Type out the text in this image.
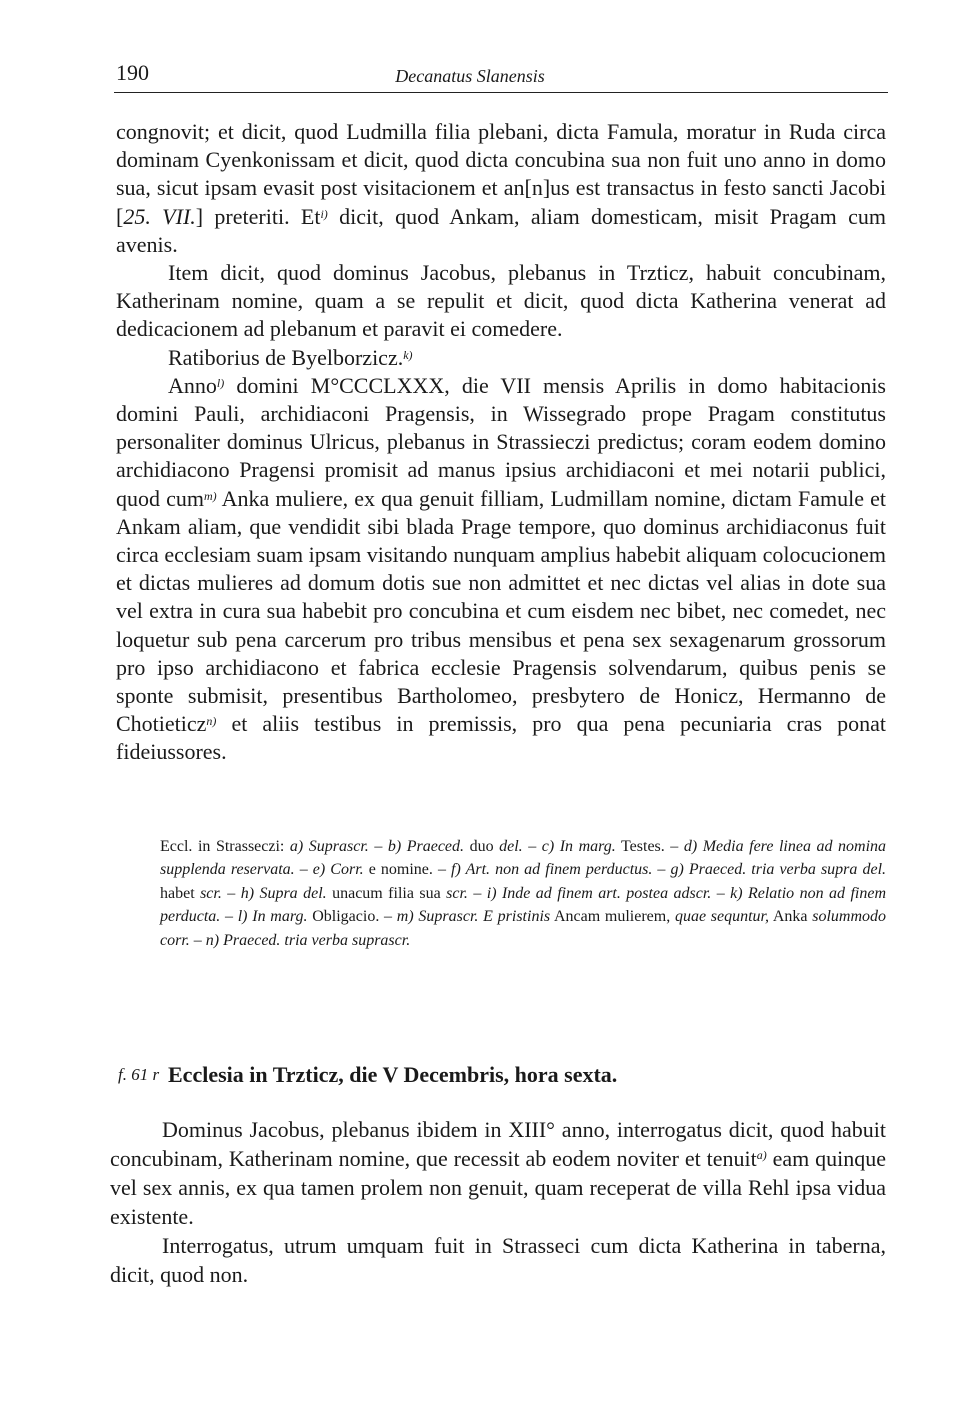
190	Decanatus Slanensis

congnovit; et dicit, quod Ludmilla filia plebani, dicta Famula, moratur in Ruda circa dominam Cyenkonissam et dicit, quod dicta concubina sua non fuit uno anno in domo sua, sicut ipsam evasit post visitacionem et an[n]us est transactus in festo sancti Jacobi [25. VII.] preteriti. Et$^{i)}$ dicit, quod Ankam, aliam domesticam, misit Pragam cum avenis.

Item dicit, quod dominus Jacobus, plebanus in Trzticz, habuit concubinam, Katherinam nomine, quam a se repulit et dicit, quod dicta Katherina venerat ad dedicacionem ad plebanum et paravit ei comedere.

Ratiborius de Byelborzicz.$^{k)}$

Anno$^{l)}$ domini M°CCCLXXX, die VII mensis Aprilis in domo habitacionis domini Pauli, archidiaconi Pragensis, in Wissegrado prope Pragam constitutus personaliter dominus Ulricus, plebanus in Strassieczi predictus; coram eodem domino archidiacono Pragensi promisit ad manus ipsius archidiaconi et mei notarii publici, quod cum$^{m)}$ Anka muliere, ex qua genuit filliam, Ludmillam nomine, dictam Famule et Ankam aliam, que vendidit sibi blada Prage tempore, quo dominus archidiaconus fuit circa ecclesiam suam ipsam visitando nunquam amplius habebit aliquam colocucionem et dictas mulieres ad domum dotis sue non admittet et nec dictas vel alias in dote sua vel extra in cura sua habebit pro concubina et cum eisdem nec bibet, nec comedet, nec loquetur sub pena carcerum pro tribus mensibus et pena sex sexagenarum grossorum pro ipso archidiacono et fabrica ecclesie Pragensis solvendarum, quibus penis se sponte submisit, presentibus Bartholomeo, presbytero de Honicz, Hermanno de Chotieticz$^{n)}$ et aliis testibus in premissis, pro qua pena pecuniaria cras ponat fideiussores.

Eccl. in Strasseczi: a) Suprascr. – b) Praeced. duo del. – c) In marg. Testes. – d) Media fere linea ad nomina supplenda reservata. – e) Corr. e nomine. – f) Art. non ad finem perductus. – g) Praeced. tria verba supra del. habet scr. – h) Supra del. unacum filia sua scr. – i) Inde ad finem art. postea adscr. – k) Relatio non ad finem perducta. – l) In marg. Obligacio. – m) Suprascr. E pristinis Ancam mulierem, quae sequntur, Anka solummodo corr. – n) Praeced. tria verba suprascr.
f. 61 r Ecclesia in Trzticz, die V Decembris, hora sexta.

Dominus Jacobus, plebanus ibidem in XIII° anno, interrogatus dicit, quod habuit concubinam, Katherinam nomine, que recessit ab eodem noviter et tenuit$^{a)}$ eam quinque vel sex annis, ex qua tamen prolem non genuit, quam receperat de villa Rehl ipsa vidua existente.

Interrogatus, utrum umquam fuit in Strasseci cum dicta Katherina in taberna, dicit, quod non.
